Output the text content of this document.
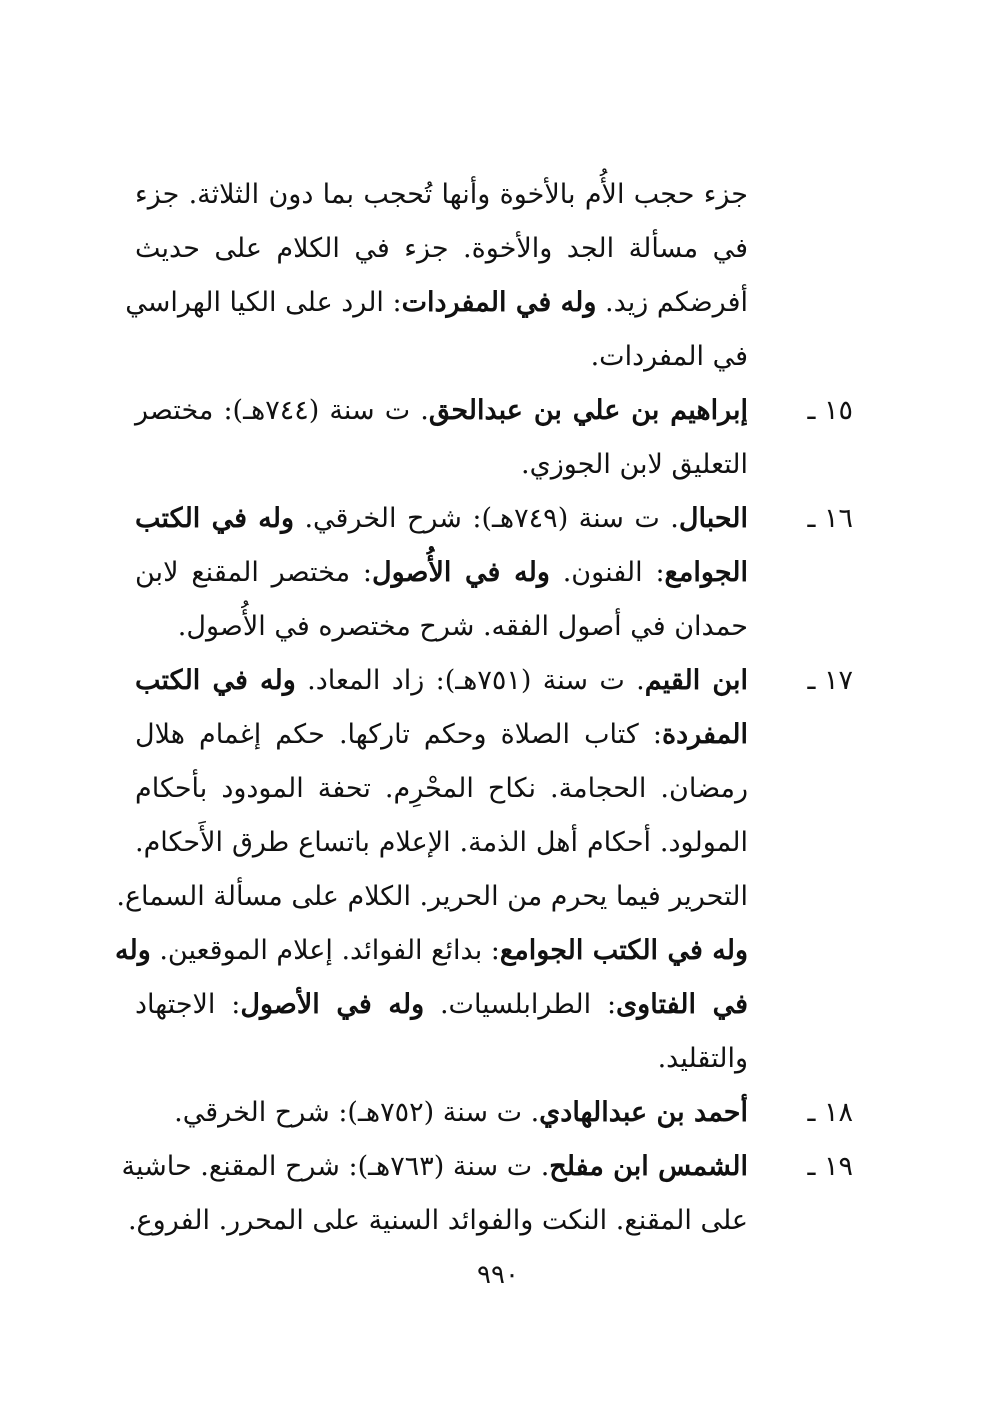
جزء حجب الأُم بالأخوة وأنها تُحجب بما دون الثلاثة. جزء
في مسألة الجد والأخوة. جزء في الكلام على حديث
أفرضكم زيد. وله في المفردات: الرد على الكيا الهراسي
في المفردات.
١٥ ـ
إبراهيم بن علي بن عبدالحق. ت سنة (٧٤٤هـ): مختصر
التعليق لابن الجوزي.
١٦ ـ
الحبال. ت سنة (٧٤٩هـ): شرح الخرقي. وله في الكتب
الجوامع: الفنون. وله في الأُصول: مختصر المقنع لابن
حمدان في أصول الفقه. شرح مختصره في الأُصول.
١٧ ـ
ابن القيم. ت سنة (٧٥١هـ): زاد المعاد. وله في الكتب
المفردة: كتاب الصلاة وحكم تاركها. حكم إغمام هلال
رمضان. الحجامة. نكاح المحْرِم. تحفة المودود بأحكام
المولود. أحكام أهل الذمة. الإعلام باتساع طرق الأَحكام.
التحرير فيما يحرم من الحرير. الكلام على مسألة السماع.
وله في الكتب الجوامع: بدائع الفوائد. إعلام الموقعين. وله
في الفتاوى: الطرابلسيات. وله في الأصول: الاجتهاد
والتقليد.
١٨ ـ
أحمد بن عبدالهادي. ت سنة (٧٥٢هـ): شرح الخرقي.
١٩ ـ
الشمس ابن مفلح. ت سنة (٧٦٣هـ): شرح المقنع. حاشية
على المقنع. النكت والفوائد السنية على المحرر. الفروع.
٩٩٠
